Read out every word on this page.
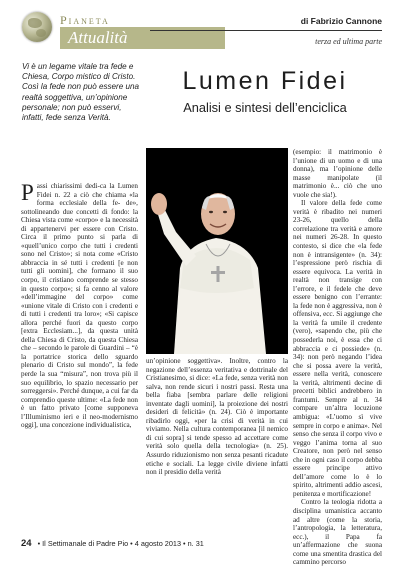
Pianeta
Attualità
di Fabrizio Cannone
terza ed ultima parte
Vi è un legame vitale tra fede e Chiesa, Corpo mistico di Cristo. Così la fede non può essere una realtà soggettiva, un’opinione personale; non può esservi, infatti, fede senza Verità.
Lumen Fidei
Analisi e sintesi dell’enciclica
Passi chiarissimi dedi-ca la Lumen Fidei n. 22 a ciò che chiama «la forma ecclesiale della fe- de», sottolineando due concetti di fondo: la Chiesa vista come «corpo» e la necessità di appartenervi per essere con Cristo. Circa il primo punto si parla di «quell’unico corpo che tutti i credenti sono nel Cristo»; si nota come «Cristo abbraccia in sé tutti i credenti [e non tutti gli uomini], che formano il suo corpo, il cristiano comprende se stesso in questo corpo»; si fa cenno al valore «dell’immagine del corpo» come «unione vitale di Cristo con i credenti e di tutti i credenti tra loro»; «Si capisce allora perché fuori da questo corpo [extra Ecclesiam...], da questa unità della Chiesa di Cristo, da questa Chiesa che – secondo le parole di Guardini – “è la portatrice storica dello sguardo plenario di Cristo sul mondo”, la fede perde la sua “misura”, non trova più il suo equilibrio, lo spazio necessario per sorreggersi». Perché dunque, a cui far da comprendio queste ultime: «La fede non è un fatto privato [come supponeva l’Illuminismo ieri e il neo-modernismo oggi], una concezione individualistica,
un’opinione soggettiva». Inoltre, contro la negazione dell’essenza veritativa e dottrinale del Cristianesimo, si dice: «La fede, senza verità non salva, non rende sicuri i nostri passi. Resta una bella fiaba [sembra parlare delle religioni inventate dagli uomini], la proiezione dei nostri desideri di felicità» (n. 24). Ciò è importante ribadirlo oggi, «per la crisi di verità in cui viviamo. Nella cultura contemporanea [il nemico di cui sopra] si tende spesso ad accettare come verità solo quella della tecnologia» (n. 25). Assurdo riduzionismo non senza pesanti ricadute etiche e sociali. La legge civile diviene infatti non il presidio della verità

(esempio: il matrimonio è l’unione di un uomo e di una donna), ma l’opinione delle masse manipolate (il matrimonio è... ciò che uno vuole che sia!).

Il valore della fede come verità è ribadito nei numeri 23-26, quello della correlazione tra verità e amore nei numeri 26-28. In questo contesto, si dice che «la fede non è intransigente» (n. 34): l’espressione però rischia di essere equivoca. La verità in realtà non transige con l’errore, e il fedele che deve essere benigno con l’errante: la fede non è aggressiva, non è offensiva, ecc. Si aggiunge che la verità fa umile il credente (vero), «sapendo che, più che possederla noi, è essa che ci abbraccia e ci possiede» (n. 34): non però negando l’idea che si possa avere la verità, essere nella verità, conoscere la verità, altrimenti decine di precetti biblici andrebbero in frantumi. Sempre al n. 34 compare un’altra locuzione ambigua: «L’uomo sì vive sempre in corpo e anima». Nel senso che senza il corpo vivo e veggo l’anima torna al suo Creatore, non però nel senso che in ogni caso il corpo debba essere principe attivo dell’amore come lo è lo spirito, altrimenti addio ascesi, penitenza e mortificazione!

Contro la teologia ridotta a disciplina umanistica accanto ad altre (come la storia, l’antropologia, la letteratura, ecc.), il Papa fa un’affermazione che suona come una smentita drastica del cammino percorso

24 • Il Settimanale di Padre Pio • 4 agosto 2013 • n. 31
